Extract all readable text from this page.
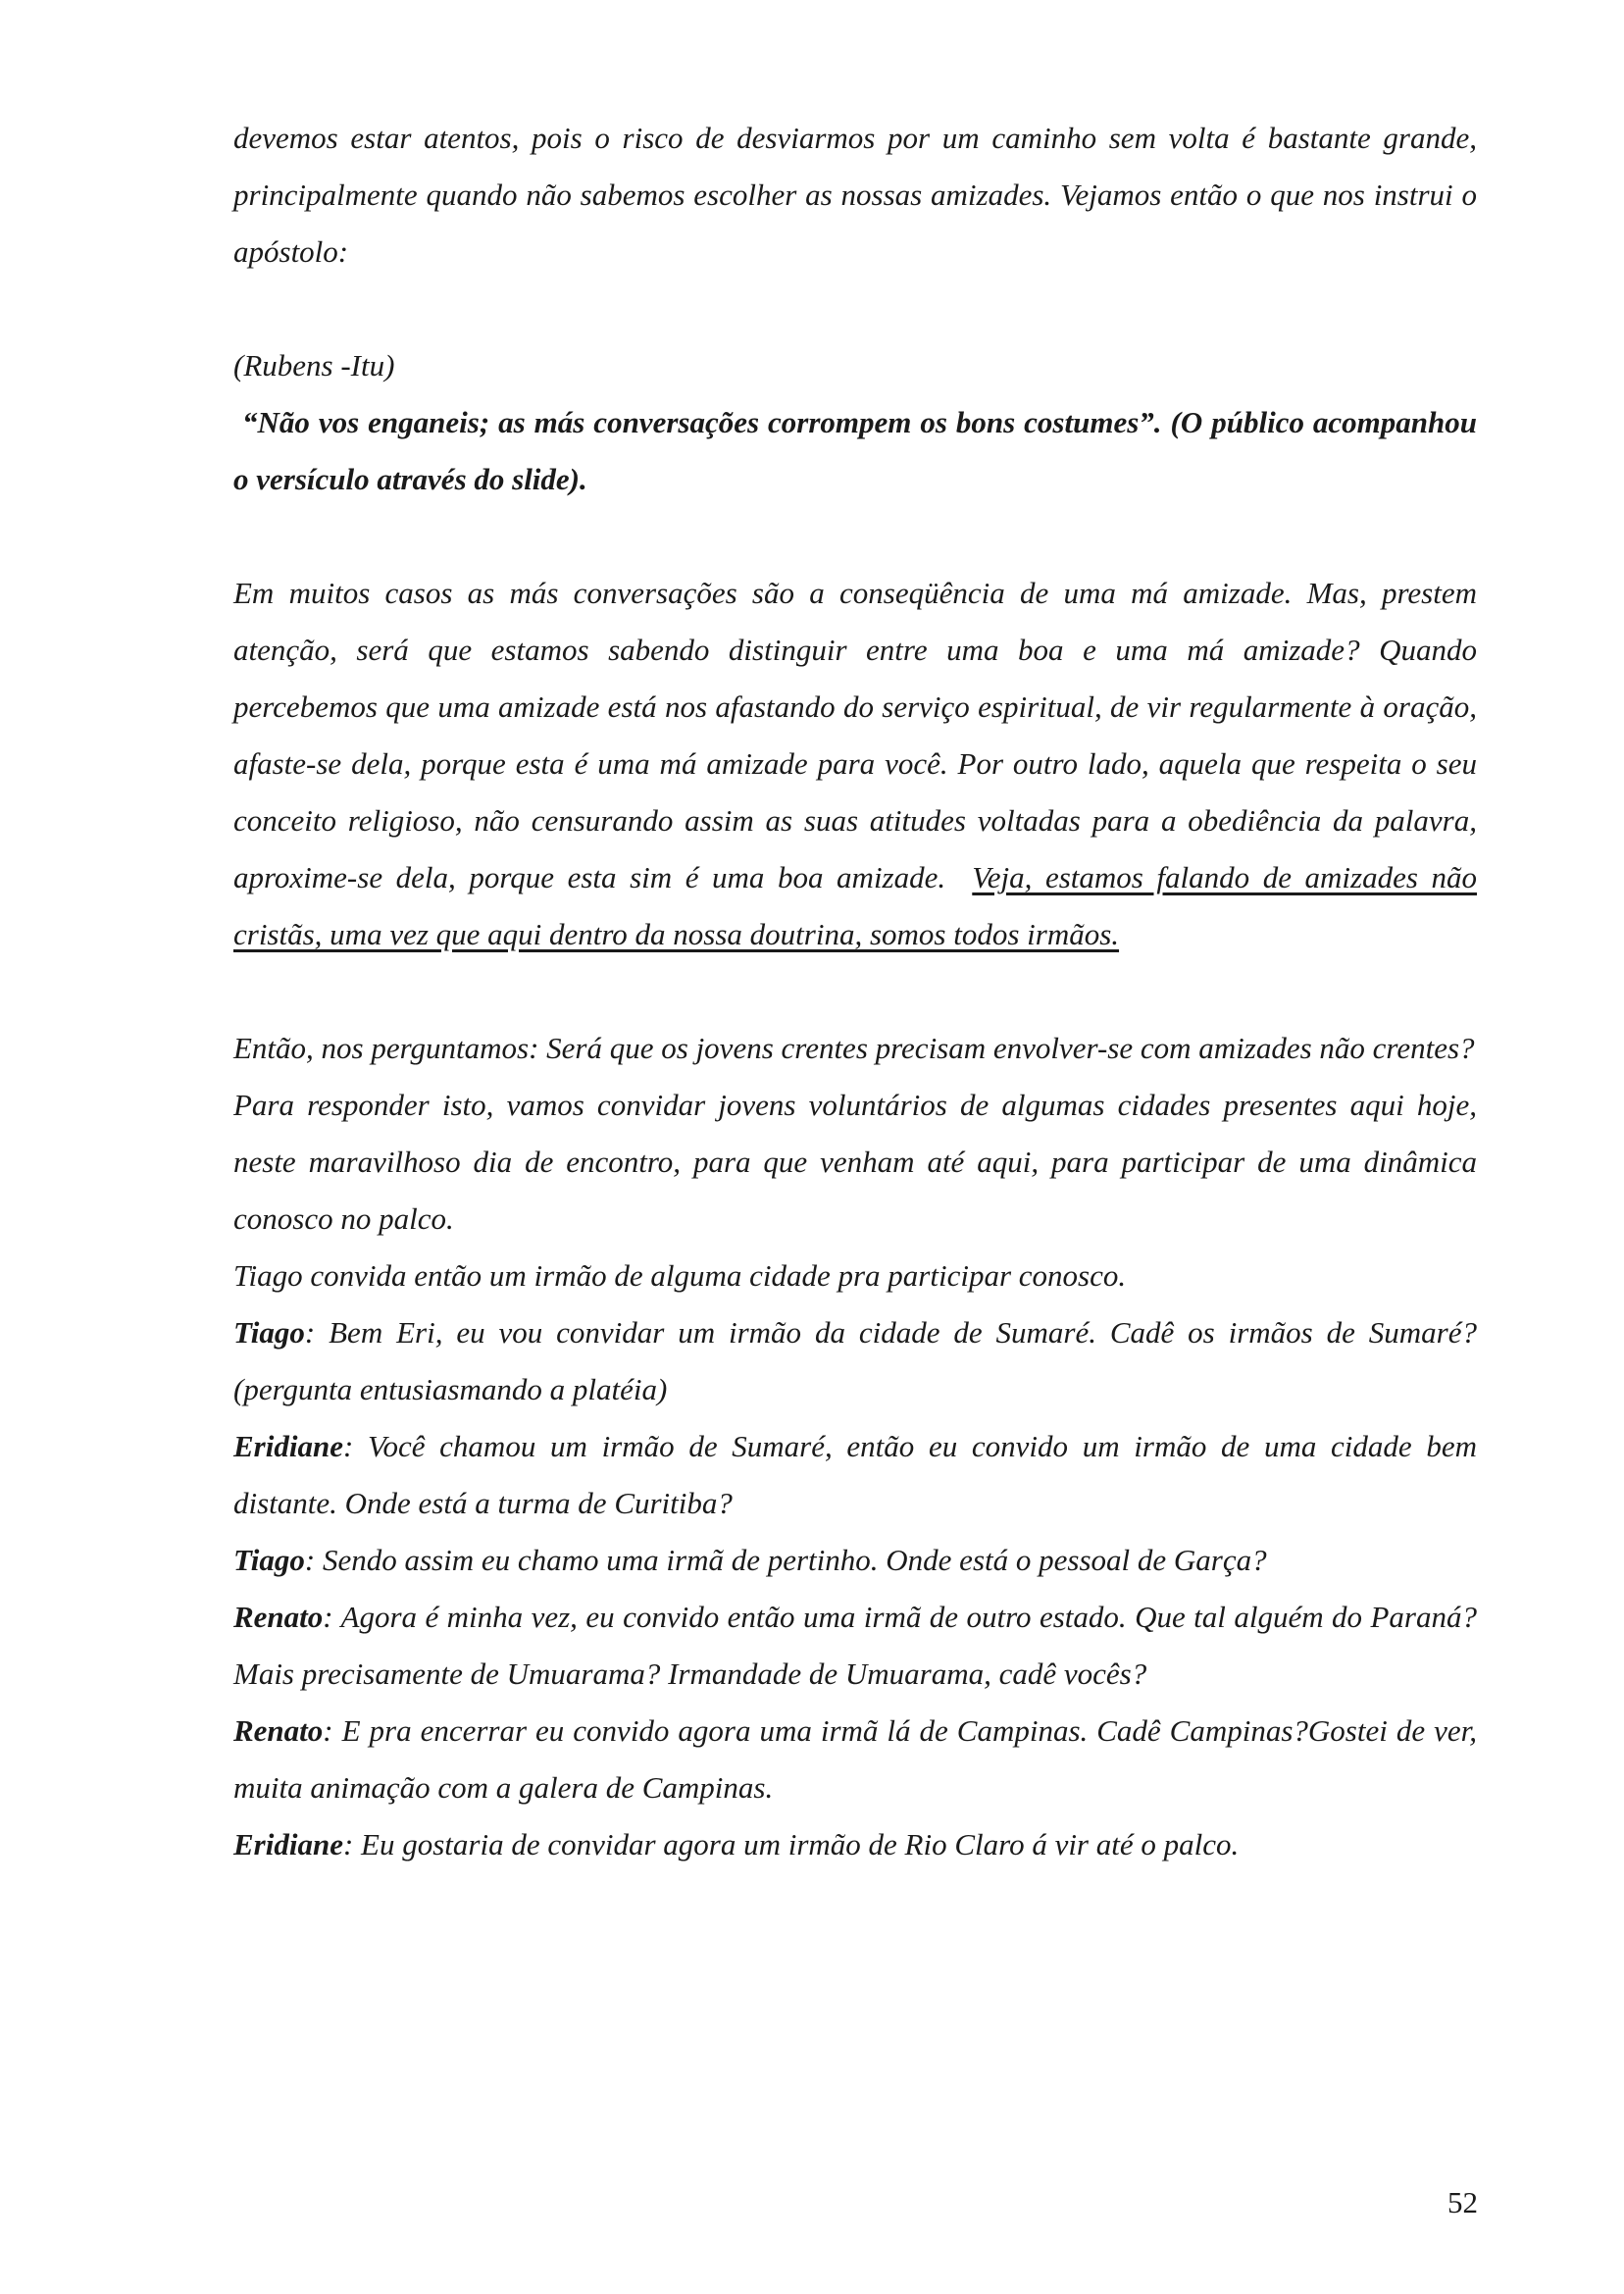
devemos estar atentos, pois o risco de desviarmos por um caminho sem volta é bastante grande, principalmente quando não sabemos escolher as nossas amizades. Vejamos então o que nos instrui o apóstolo:

(Rubens -Itu)

“Não vos enganeis; as más conversações corrompem os bons costumes”. (O público acompanhou o versículo através do slide).

Em muitos casos as más conversações são a conseqüência de uma má amizade. Mas, prestem atenção, será que estamos sabendo distinguir entre uma boa e uma má amizade? Quando percebemos que uma amizade está nos afastando do serviço espiritual, de vir regularmente à oração, afaste-se dela, porque esta é uma má amizade para você. Por outro lado, aquela que respeita o seu conceito religioso, não censurando assim as suas atitudes voltadas para a obediência da palavra, aproxime-se dela, porque esta sim é uma boa amizade. Veja, estamos falando de amizades não cristãs, uma vez que aqui dentro da nossa doutrina, somos todos irmãos.

Então, nos perguntamos: Será que os jovens crentes precisam envolver-se com amizades não crentes?

Para responder isto, vamos convidar jovens voluntários de algumas cidades presentes aqui hoje, neste maravilhoso dia de encontro, para que venham até aqui, para participar de uma dinâmica conosco no palco.

Tiago convida então um irmão de alguma cidade pra participar conosco.

Tiago: Bem Eri, eu vou convidar um irmão da cidade de Sumaré. Cadê os irmãos de Sumaré? (pergunta entusiasmando a platéia)

Eridiane: Você chamou um irmão de Sumaré, então eu convido um irmão de uma cidade bem distante. Onde está a turma de Curitiba?

Tiago: Sendo assim eu chamo uma irmã de pertinho. Onde está o pessoal de Garça?

Renato: Agora é minha vez, eu convido então uma irmã de outro estado. Que tal alguém do Paraná? Mais precisamente de Umuarama? Irmandade de Umuarama, cadê vocês?

Renato: E pra encerrar eu convido agora uma irmã lá de Campinas. Cadê Campinas?Gostei de ver, muita animação com a galera de Campinas.

Eridiane: Eu gostaria de convidar agora um irmão de Rio Claro á vir até o palco.

52
